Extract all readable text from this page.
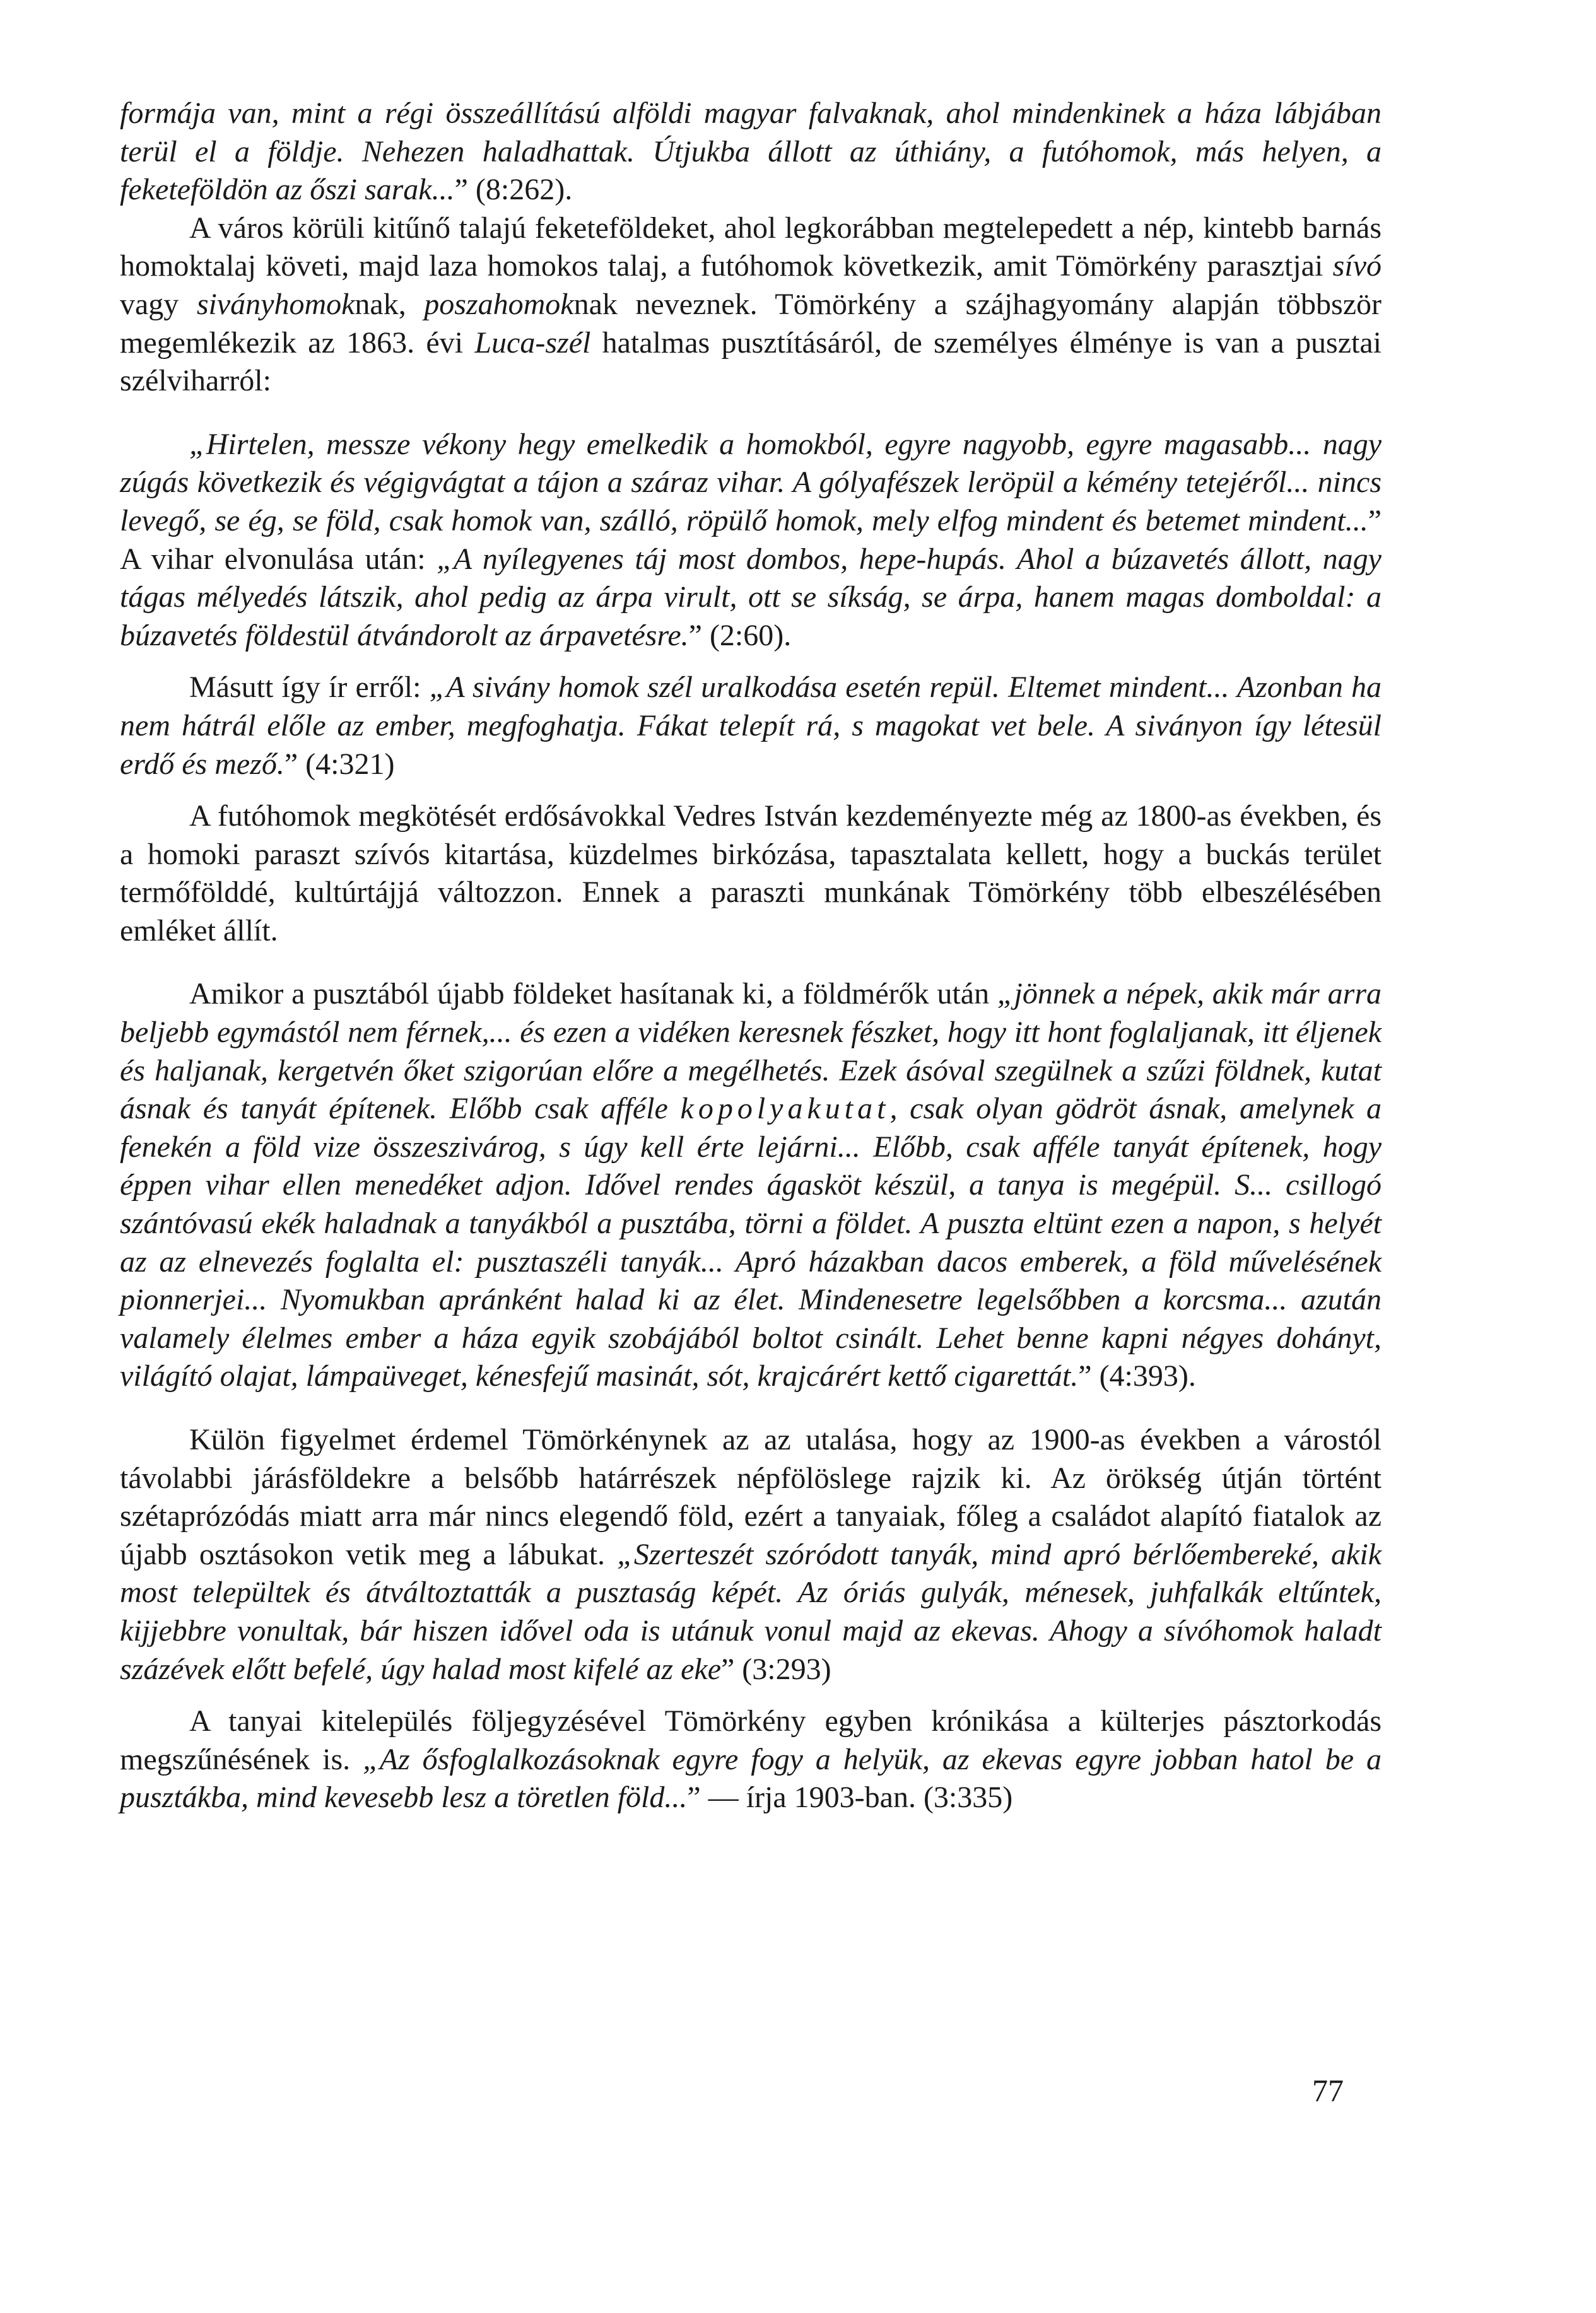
formája van, mint a régi összeállítású alföldi magyar falvaknak, ahol mindenkinek a háza lábjában terül el a földje. Nehezen haladhattak. Útjukba állott az úthiány, a futóhomok, más helyen, a feketeföldön az őszi sarak...” (8:262).

A város körüli kitűnő talajú feketeföldeket, ahol legkorábban megtelepedett a nép, kintebb barnás homoktalaj követi, majd laza homokos talaj, a futóhomok következik, amit Tömörkény parasztjai sívó vagy siványhomoknak, poszahomoknak neveznek. Tömörkény a szájhagyomány alapján többször megemlékezik az 1863. évi Luca-szél hatalmas pusztításáról, de személyes élménye is van a pusztai szélviharról:

„Hirtelen, messze vékony hegy emelkedik a homokból, egyre nagyobb, egyre magasabb... nagy zúgás következik és végigvágtat a tájon a száraz vihar. A gólyafészek leröpül a kémény tetejéről... nincs levegő, se ég, se föld, csak homok van, szálló, röpülő homok, mely elfog mindent és betemet mindent...” A vihar elvonulása után: „A nyílegyenes táj most dombos, hepe-hupás. Ahol a búzavetés állott, nagy tágas mélyedés látszik, ahol pedig az árpa virult, ott se síkság, se árpa, hanem magas domboldal: a búzavetés földestül átvándorolt az árpavetésre.” (2:60).

Másutt így ír erről: „A sivány homok szél uralkodása esetén repül. Eltemet mindent... Azonban ha nem hátrál előle az ember, megfoghatja. Fákat telepít rá, s magokat vet bele. A siványon így létesül erdő és mező.” (4:321)

A futóhomok megkötését erdősávokkal Vedres István kezdeményezte még az 1800-as években, és a homoki paraszt szívós kitartása, küzdelmes birkózása, tapasztalata kellett, hogy a buckás terület termőfölddé, kultúrtájjá változzon. Ennek a paraszti munkának Tömörkény több elbeszélésében emléket állít.

Amikor a pusztából újabb földeket hasítanak ki, a földmérők után „jönnek a népek, akik már arra beljebb egymástól nem férnek,... és ezen a vidéken keresnek fészket, hogy itt hont foglaljanak, itt éljenek és haljanak, kergetvén őket szigorúan előre a megélhetés. Ezek ásóval szegülnek a szűzi földnek, kutat ásnak és tanyát építenek. Előbb csak afféle kopolyakutat, csak olyan gödröt ásnak, amelynek a fenekén a föld vize összeszivárog, s úgy kell érte lejárni... Előbb, csak afféle tanyát építenek, hogy éppen vihar ellen menedéket adjon. Idővel rendes ágasköt készül, a tanya is megépül. S... csillogó szántóvasú ekék haladnak a tanyákból a pusztába, törni a földet. A puszta eltünt ezen a napon, s helyét az az elnevezés foglalta el: pusztaszéli tanyák... Apró házakban dacos emberek, a föld művelésének pionnerjei... Nyomukban apránként halad ki az élet. Mindenesetre legelsőbben a korcsma... azután valamely élelmes ember a háza egyik szobájából boltot csinált. Lehet benne kapni négyes dohányt, világító olajat, lámpaüveget, kénesfejű masinát, sót, krajcárért kettő cigarettát.” (4:393).

Külön figyelmet érdemel Tömörkénynek az az utalása, hogy az 1900-as években a várostól távolabbi járásföldekre a belsőbb határrészek népfölöslege rajzik ki. Az örökség útján történt szétaprózódás miatt arra már nincs elegendő föld, ezért a tanyaiak, főleg a családot alapító fiatalok az újabb osztásokon vetik meg a lábukat. „Szerteszét szóródott tanyák, mind apró bérlőembereké, akik most települtek és átváltoztatták a pusztaság képét. Az óriás gulyák, ménesek, juhfalkák eltűntek, kijjebbre vonultak, bár hiszen idővel oda is utánuk vonul majd az ekevas. Ahogy a sívóhomok haladt százévek előtt befelé, úgy halad most kifelé az eke” (3:293)

A tanyai kitelepülés följegyzésével Tömörkény egyben krónikása a külterjes pásztorkodás megszűnésének is. „Az ősfoglalkozásoknak egyre fogy a helyük, az ekevas egyre jobban hatol be a pusztákba, mind kevesebb lesz a töretlen föld...” — írja 1903-ban. (3:335)

77
